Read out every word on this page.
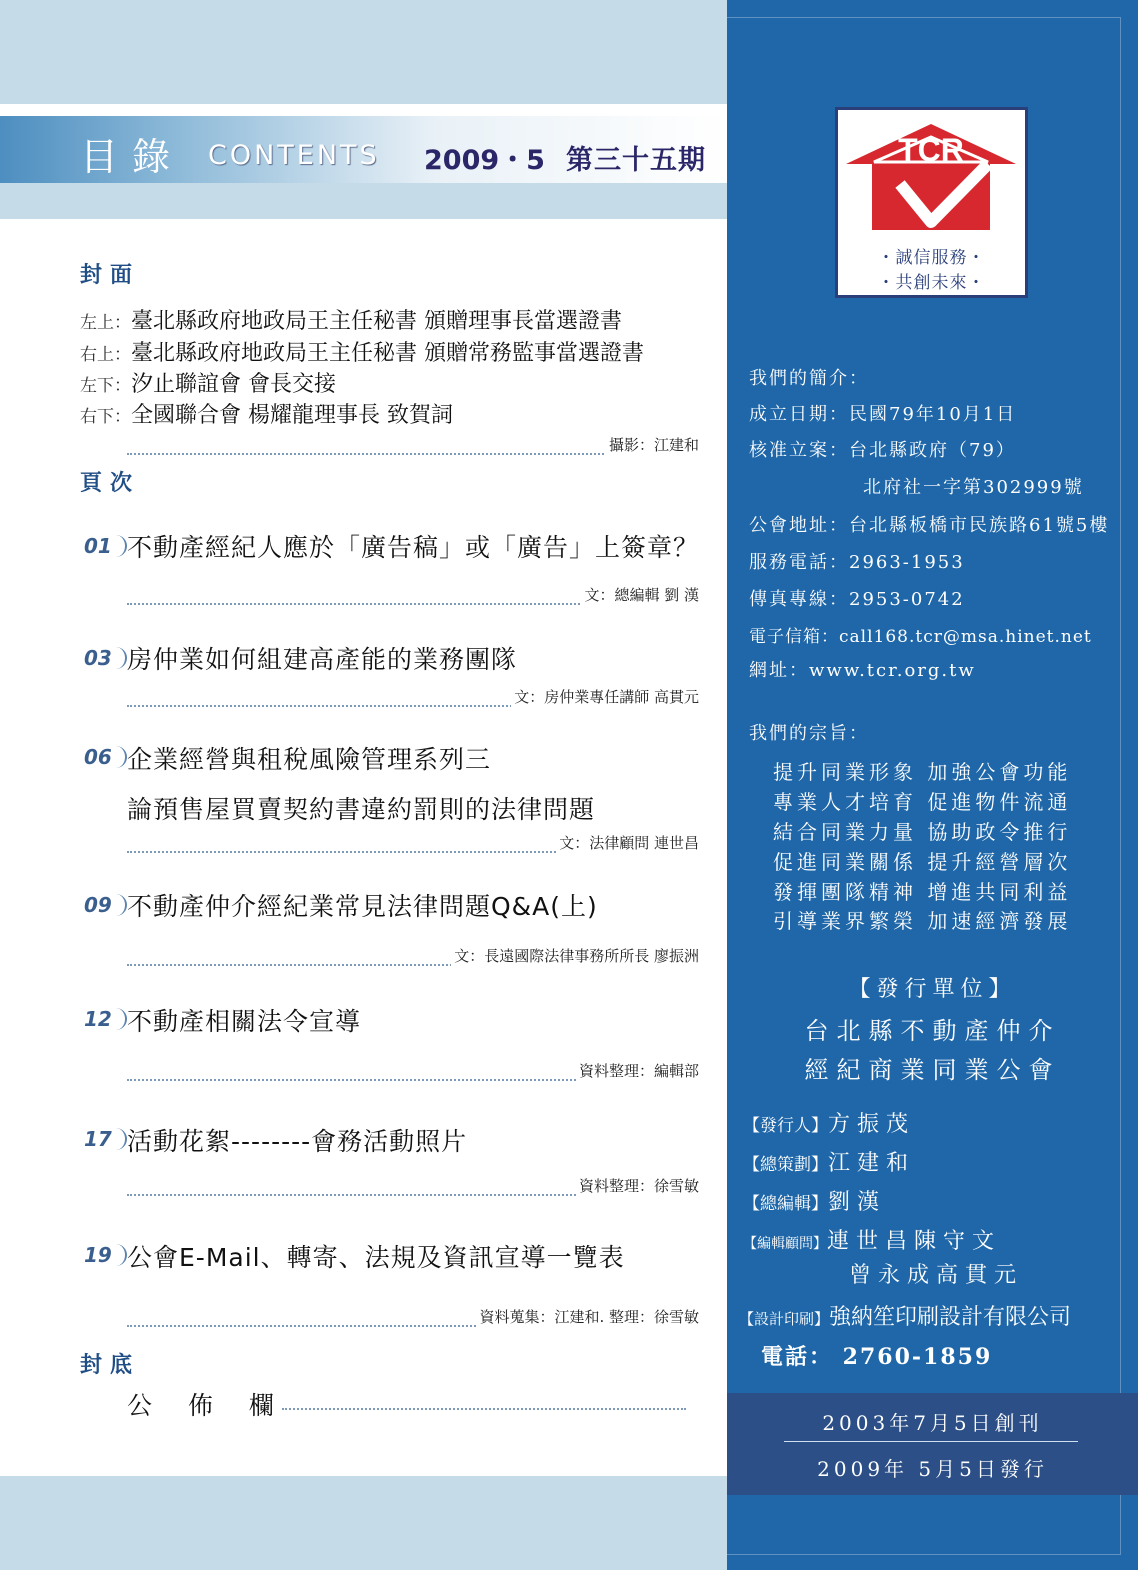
目錄 CONTENTS 2009・5 第三十五期
封面
左上：臺北縣政府地政局王主任秘書 頒贈理事長當選證書
右上：臺北縣政府地政局王主任秘書 頒贈常務監事當選證書
左下：汐止聯誼會 會長交接
右下：全國聯合會 楊耀龍理事長 致賀詞
攝影：江建和
頁次
01 不動產經紀人應於「廣告稿」或「廣告」上簽章？
文：總編輯 劉 漢
03 房仲業如何組建高產能的業務團隊
文：房仲業專任講師 高貫元
06 企業經營與租稅風險管理系列三
論預售屋買賣契約書違約罰則的法律問題
文：法律顧問 連世昌
09 不動產仲介經紀業常見法律問題Q&A(上)
文：長遠國際法律事務所所長 廖振洲
12 不動產相關法令宣導
資料整理：編輯部
17 活動花絮--------會務活動照片
資料整理：徐雪敏
19 公會E-Mail、轉寄、法規及資訊宣導一覽表
資料蒐集：江建和. 整理：徐雪敏
封底
公 佈 欄
TCR
・誠信服務・
・共創未來・
我們的簡介：
成立日期：民國79年10月1日
核准立案：台北縣政府（79）
北府社一字第302999號
公會地址：台北縣板橋市民族路61號5樓
服務電話：2963-1953
傳真專線：2953-0742
電子信箱：call168.tcr@msa.hinet.net
網址：www.tcr.org.tw
我們的宗旨：
提升同業形象 加強公會功能
專業人才培育 促進物件流通
結合同業力量 協助政令推行
促進同業關係 提升經營層次
發揮團隊精神 增進共同利益
引導業界繁榮 加速經濟發展
【發行單位】
台北縣不動產仲介
經紀商業同業公會
【發行人】方 振 茂
【總策劃】江 建 和
【總編輯】劉 漢
【編輯顧問】連 世 昌 陳 守 文
曾 永 成 高 貫 元
【設計印刷】強納笙印刷設計有限公司
電話： 2760-1859
2003年7月5日創刊
2009年 5月5日發行
